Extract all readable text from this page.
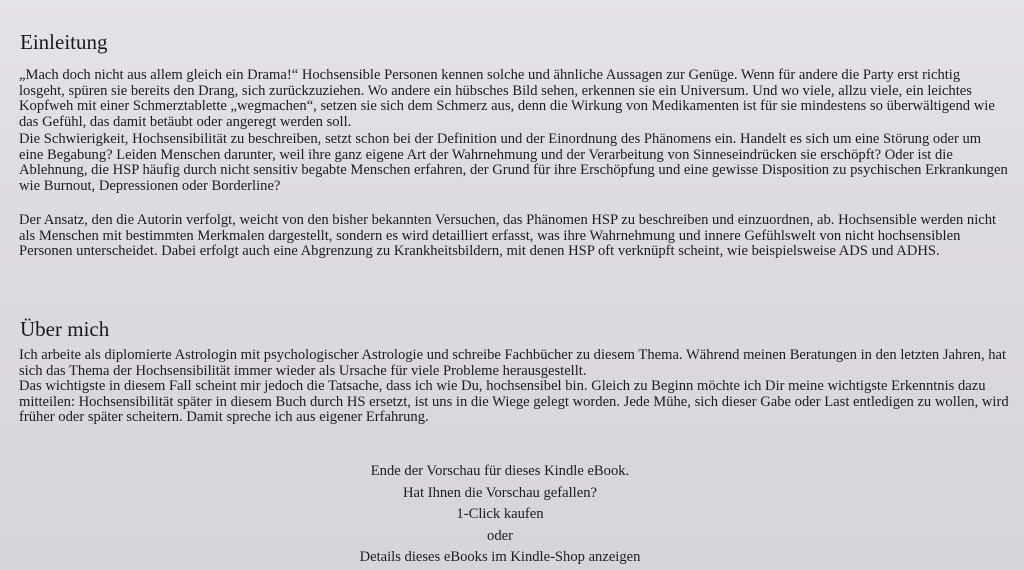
Einleitung

„Mach doch nicht aus allem gleich ein Drama!“ Hochsensible Personen kennen solche und ähnliche Aussagen zur Genüge. Wenn für andere die Party erst richtig losgeht, spüren sie bereits den Drang, sich zurückzuziehen. Wo andere ein hübsches Bild sehen, erkennen sie ein Universum. Und wo viele, allzu viele, ein leichtes Kopfweh mit einer Schmerztablette „wegmachen“, setzen sie sich dem Schmerz aus, denn die Wirkung von Medikamenten ist für sie mindestens so überwältigend wie das Gefühl, das damit betäubt oder angeregt werden soll.

Die Schwierigkeit, Hochsensibilität zu beschreiben, setzt schon bei der Definition und der Einordnung des Phänomens ein. Handelt es sich um eine Störung oder um eine Begabung? Leiden Menschen darunter, weil ihre ganz eigene Art der Wahrnehmung und der Verarbeitung von Sinneseindrücken sie erschöpft? Oder ist die Ablehnung, die HSP häufig durch nicht sensitiv begabte Menschen erfahren, der Grund für ihre Erschöpfung und eine gewisse Disposition zu psychischen Erkrankungen wie Burnout, Depressionen oder Borderline?

Der Ansatz, den die Autorin verfolgt, weicht von den bisher bekannten Versuchen, das Phänomen HSP zu beschreiben und einzuordnen, ab. Hochsensible werden nicht als Menschen mit bestimmten Merkmalen dargestellt, sondern es wird detailliert erfasst, was ihre Wahrnehmung und innere Gefühlswelt von nicht hochsensiblen Personen unterscheidet. Dabei erfolgt auch eine Abgrenzung zu Krankheitsbildern, mit denen HSP oft verknüpft scheint, wie beispielsweise ADS und ADHS.

Über mich

Ich arbeite als diplomierte Astrologin mit psychologischer Astrologie und schreibe Fachbücher zu diesem Thema. Während meinen Beratungen in den letzten Jahren, hat sich das Thema der Hochsensibilität immer wieder als Ursache für viele Probleme herausgestellt.

Das wichtigste in diesem Fall scheint mir jedoch die Tatsache, dass ich wie Du, hochsensibel bin. Gleich zu Beginn möchte ich Dir meine wichtigste Erkenntnis dazu mitteilen: Hochsensibilität später in diesem Buch durch HS ersetzt, ist uns in die Wiege gelegt worden. Jede Mühe, sich dieser Gabe oder Last entledigen zu wollen, wird früher oder später scheitern. Damit spreche ich aus eigener Erfahrung.

Ende der Vorschau für dieses Kindle eBook.
Hat Ihnen die Vorschau gefallen?
1-Click kaufen
oder
Details dieses eBooks im Kindle-Shop anzeigen
